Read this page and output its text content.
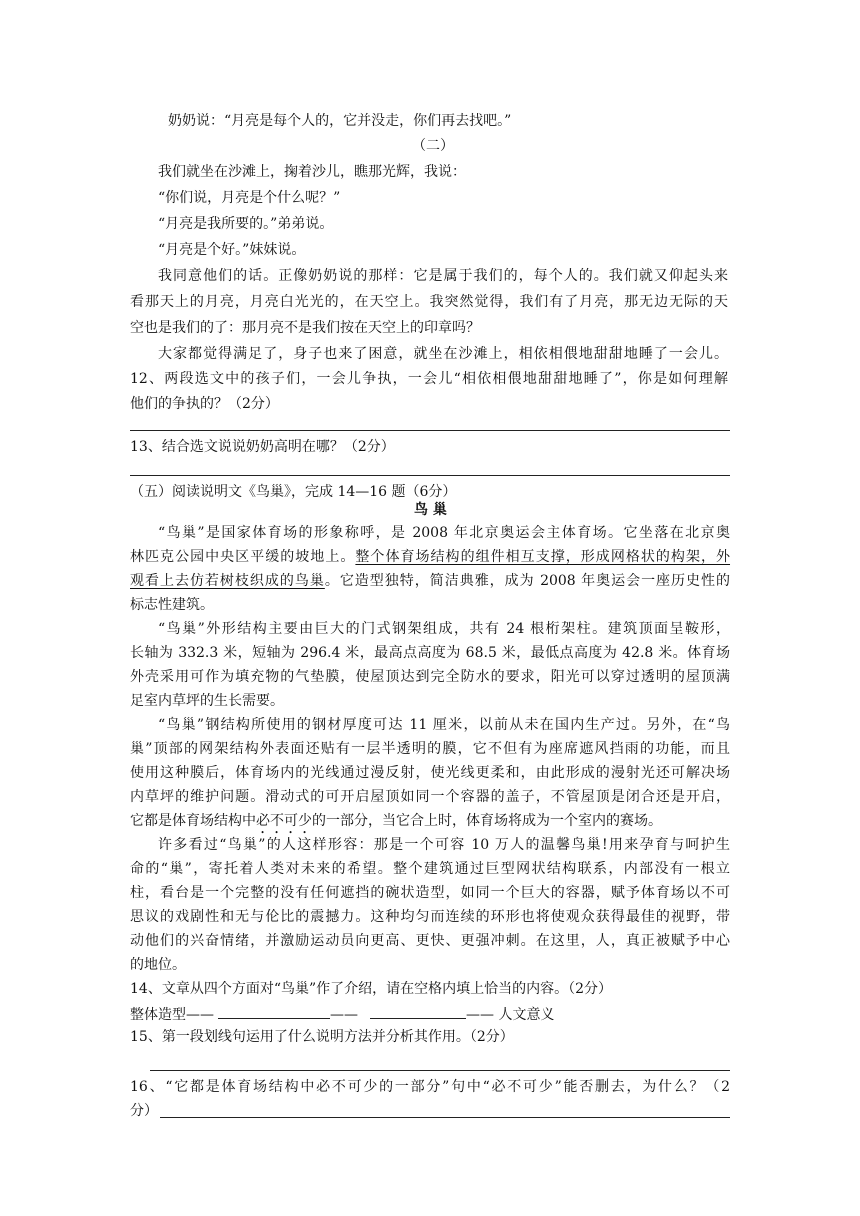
奶奶说：“月亮是每个人的，它并没走，你们再去找吧。”
（二）
我们就坐在沙滩上，掬着沙儿，瞧那光辉，我说：
“你们说，月亮是个什么呢？”
“月亮是我所要的。”弟弟说。
“月亮是个好。”妹妹说。
我同意他们的话。正像奶奶说的那样：它是属于我们的，每个人的。我们就又仰起头来
看那天上的月亮，月亮白光光的，在天空上。我突然觉得，我们有了月亮，那无边无际的天
空也是我们的了：那月亮不是我们按在天空上的印章吗？
大家都觉得满足了，身子也来了困意，就坐在沙滩上，相依相偎地甜甜地睡了一会儿。
12、两段选文中的孩子们，一会儿争执，一会儿“相依相偎地甜甜地睡了”，你是如何理解
他们的争执的？（2分）
13、结合选文说说奶奶高明在哪？（2分）
（五）阅读说明文《鸟巢》，完成 14—16 题（6分）
鸟 巢
“鸟巢”是国家体育场的形象称呼，是 2008 年北京奥运会主体育场。它坐落在北京奥
林匹克公园中央区平缓的坡地上。整个体育场结构的组件相互支撑，形成网格状的构架，外
观看上去仿若树枝织成的鸟巢。它造型独特，简洁典雅，成为 2008 年奥运会一座历史性的
标志性建筑。
“鸟巢”外形结构主要由巨大的门式钢架组成，共有 24 根桁架柱。建筑顶面呈鞍形，
长轴为 332.3 米，短轴为 296.4 米，最高点高度为 68.5 米，最低点高度为 42.8 米。体育场
外壳采用可作为填充物的气垫膜，使屋顶达到完全防水的要求，阳光可以穿过透明的屋顶满
足室内草坪的生长需要。
“鸟巢”钢结构所使用的钢材厚度可达 11 厘米，以前从未在国内生产过。另外，在“鸟
巢”顶部的网架结构外表面还贴有一层半透明的膜，它不但有为座席遮风挡雨的功能，而且
使用这种膜后，体育场内的光线通过漫反射，使光线更柔和，由此形成的漫射光还可解决场
内草坪的维护问题。滑动式的可开启屋顶如同一个容器的盖子，不管屋顶是闭合还是开启，
它都是体育场结构中必不可少的一部分，当它合上时，体育场将成为一个室内的赛场。
许多看过“鸟巢”的人这样形容：那是一个可容 10 万人的温馨鸟巢!用来孕育与呵护生
命的“巢”，寄托着人类对未来的希望。整个建筑通过巨型网状结构联系，内部没有一根立
柱，看台是一个完整的没有任何遮挡的碗状造型，如同一个巨大的容器，赋予体育场以不可
思议的戏剧性和无与伦比的震撼力。这种均匀而连续的环形也将使观众获得最佳的视野，带
动他们的兴奋情绪，并激励运动员向更高、更快、更强冲刺。在这里，人，真正被赋予中心
的地位。
14、文章从四个方面对“鸟巢”作了介绍，请在空格内填上恰当的内容。（2分）
整体造型——	——	—— 人文意义
15、第一段划线句运用了什么说明方法并分析其作用。（2分）
16、“它都是体育场结构中必不可少的一部分”句中“必不可少”能否删去，为什么？（2
分）
